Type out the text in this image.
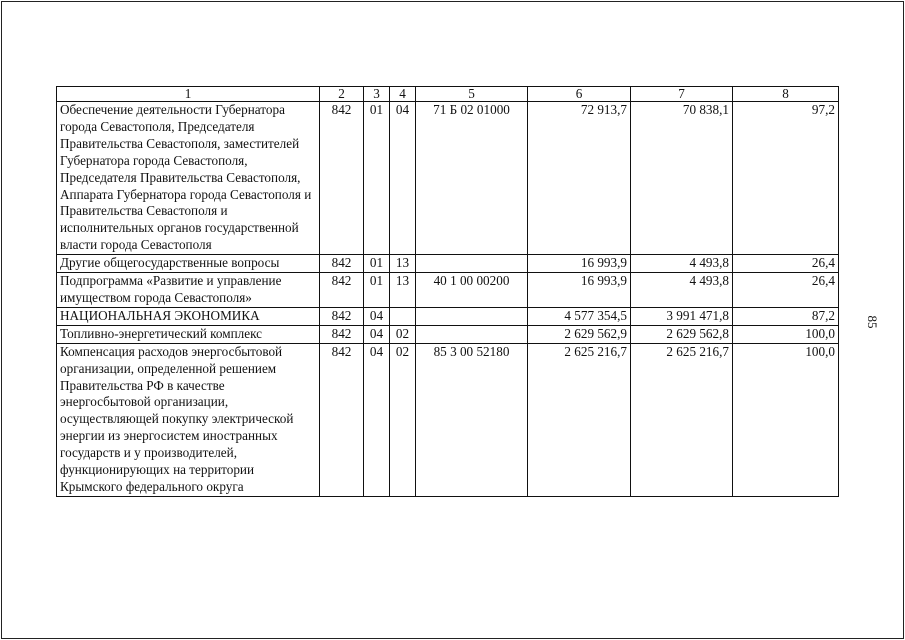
85
1	2	3	4	5	6	7	8
Обеспечение деятельности Губернатора города Севастополя, Председателя Правительства Севастополя, заместителей Губернатора города Севастополя, Председателя Правительства Севастополя, Аппарата Губернатора города Севастополя и Правительства Севастополя и исполнительных органов государственной власти города Севастополя	842	01	04	71 Б 02 01000	72 913,7	70 838,1	97,2
Другие общегосударственные вопросы	842	01	13		16 993,9	4 493,8	26,4
Подпрограмма «Развитие и управление имуществом города Севастополя»	842	01	13	40 1 00 00200	16 993,9	4 493,8	26,4
НАЦИОНАЛЬНАЯ ЭКОНОМИКА	842	04			4 577 354,5	3 991 471,8	87,2
Топливно-энергетический комплекс	842	04	02		2 629 562,9	2 629 562,8	100,0
Компенсация расходов энергосбытовой организации, определенной решением Правительства РФ в качестве энергосбытовой организации, осуществляющей покупку электрической энергии из энергосистем иностранных государств и у производителей, функционирующих на территории Крымского федерального округа	842	04	02	85 3 00 52180	2 625 216,7	2 625 216,7	100,0
